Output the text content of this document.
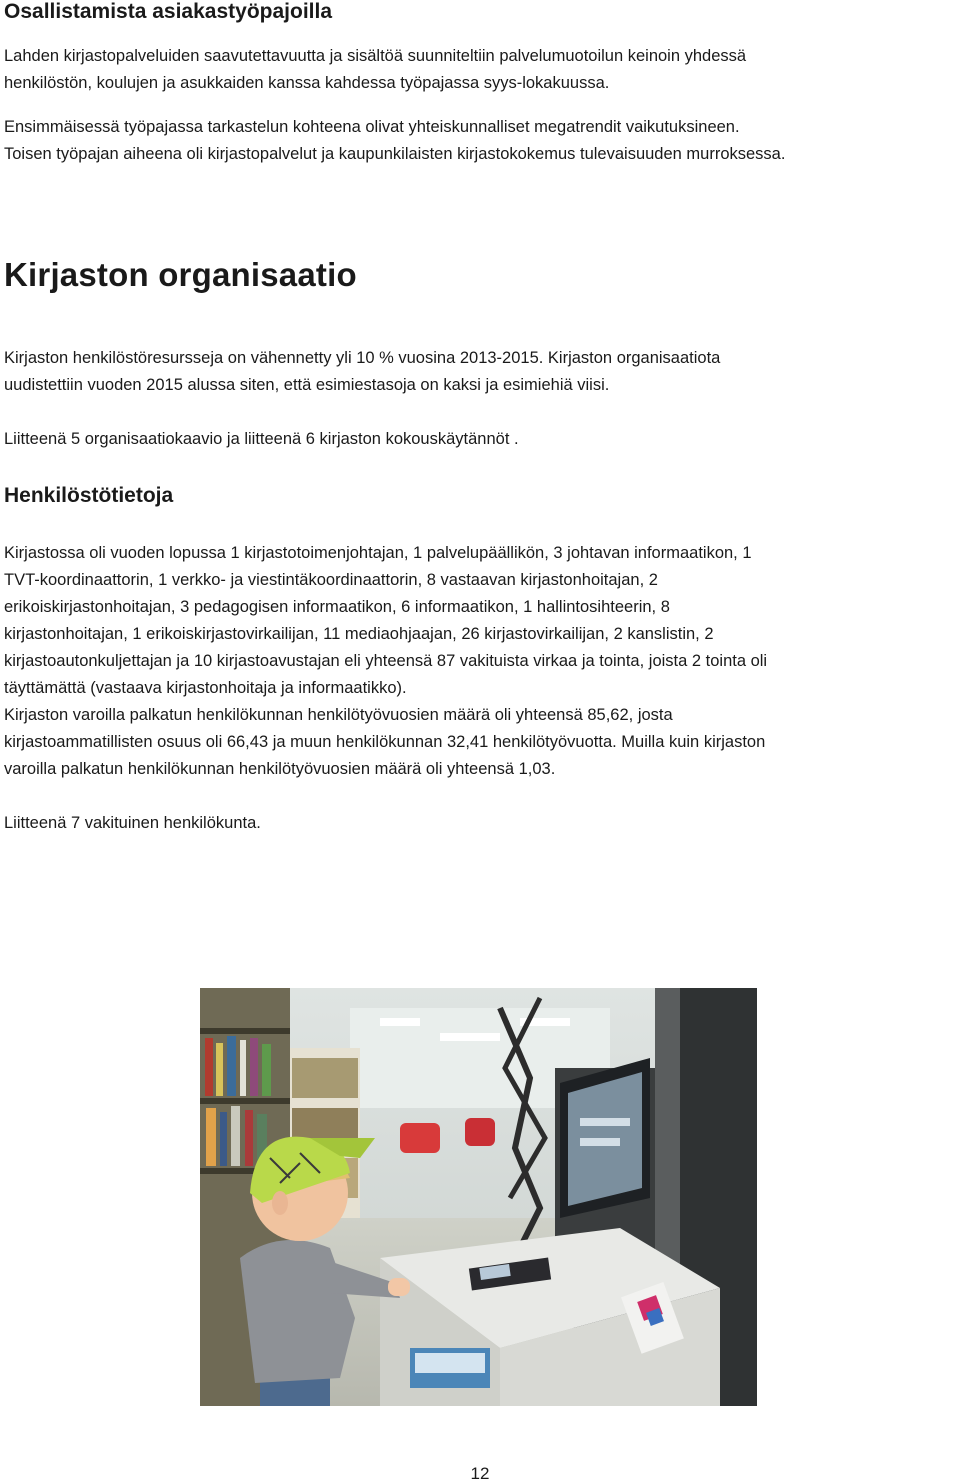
Osallistamista asiakastyöpajoilla

Lahden kirjastopalveluiden saavutettavuutta ja sisältöä suunniteltiin palvelumuotoilun keinoin yhdessä
henkilöstön, koulujen ja asukkaiden kanssa kahdessa työpajassa syys-lokakuussa.

Ensimmäisessä työpajassa tarkastelun kohteena olivat yhteiskunnalliset megatrendit vaikutuksineen.
Toisen työpajan aiheena oli kirjastopalvelut ja kaupunkilaisten kirjastokokemus tulevaisuuden murroksessa.

Kirjaston organisaatio

Kirjaston henkilöstöresursseja on vähennetty yli 10 % vuosina 2013-2015. Kirjaston organisaatiota
uudistettiin vuoden 2015 alussa siten, että esimiestasoja on kaksi ja esimiehiä viisi.

Liitteenä 5 organisaatiokaavio ja liitteenä 6 kirjaston kokouskäytännöt .

Henkilöstötietoja

Kirjastossa oli vuoden lopussa 1 kirjastotoimenjohtajan, 1 palvelupäällikön, 3 johtavan informaatikon, 1
TVT-koordinaattorin, 1 verkko- ja viestintäkoordinaattorin, 8 vastaavan kirjastonhoitajan, 2
erikoiskirjastonhoitajan, 3 pedagogisen informaatikon, 6 informaatikon, 1 hallintosihteerin, 8
kirjastonhoitajan, 1 erikoiskirjastovirkailijan, 11 mediaohjaajan, 26 kirjastovirkailijan, 2 kanslistin, 2
kirjastoautonkuljettajan ja 10 kirjastoavustajan eli yhteensä 87 vakituista virkaa ja tointa, joista 2 tointa oli
täyttämättä (vastaava kirjastonhoitaja ja informaatikko).
Kirjaston varoilla palkatun henkilökunnan henkilötyövuosien määrä oli yhteensä 85,62, josta
kirjastoammatillisten osuus oli 66,43 ja muun henkilökunnan 32,41 henkilötyövuotta. Muilla kuin kirjaston
varoilla palkatun henkilökunnan henkilötyövuosien määrä oli yhteensä 1,03.

Liitteenä 7 vakituinen henkilökunta.

12
